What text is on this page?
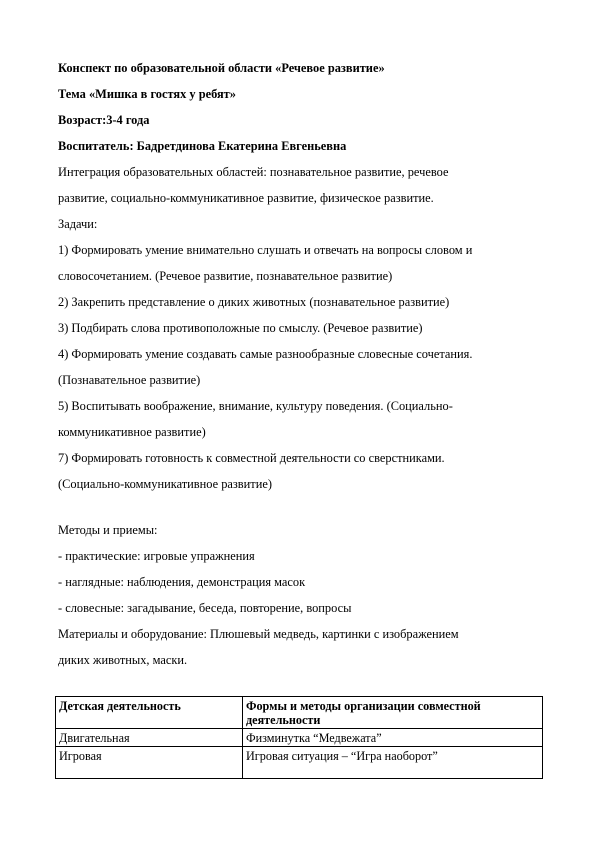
Конспект по образовательной области «Речевое развитие»
Тема «Мишка в гостях у ребят»
Возраст:3-4 года
Воспитатель: Бадретдинова Екатерина Евгеньевна
Интеграция образовательных областей: познавательное развитие, речевое
развитие, социально-коммуникативное развитие, физическое развитие.
Задачи:
1) Формировать умение внимательно слушать и отвечать на вопросы словом и
словосочетанием. (Речевое развитие, познавательное развитие)
2) Закрепить представление о диких животных (познавательное развитие)
3) Подбирать слова противоположные по смыслу. (Речевое развитие)
4) Формировать умение создавать самые разнообразные словесные сочетания.
(Познавательное развитие)
5) Воспитывать воображение, внимание, культуру поведения. (Социально-
коммуникативное развитие)
7) Формировать готовность к совместной деятельности со сверстниками.
(Социально-коммуникативное развитие)
Методы и приемы:
- практические: игровые упражнения
- наглядные: наблюдения, демонстрация масок
- словесные: загадывание, беседа, повторение, вопросы
Материалы и оборудование: Плюшевый медведь, картинки с изображением
диких животных, маски.
Детская деятельность	Формы и методы организации совместной
деятельности

Двигательная	Физминутка “Медвежата”
Игровая	Игровая ситуация – “Игра наоборот”
